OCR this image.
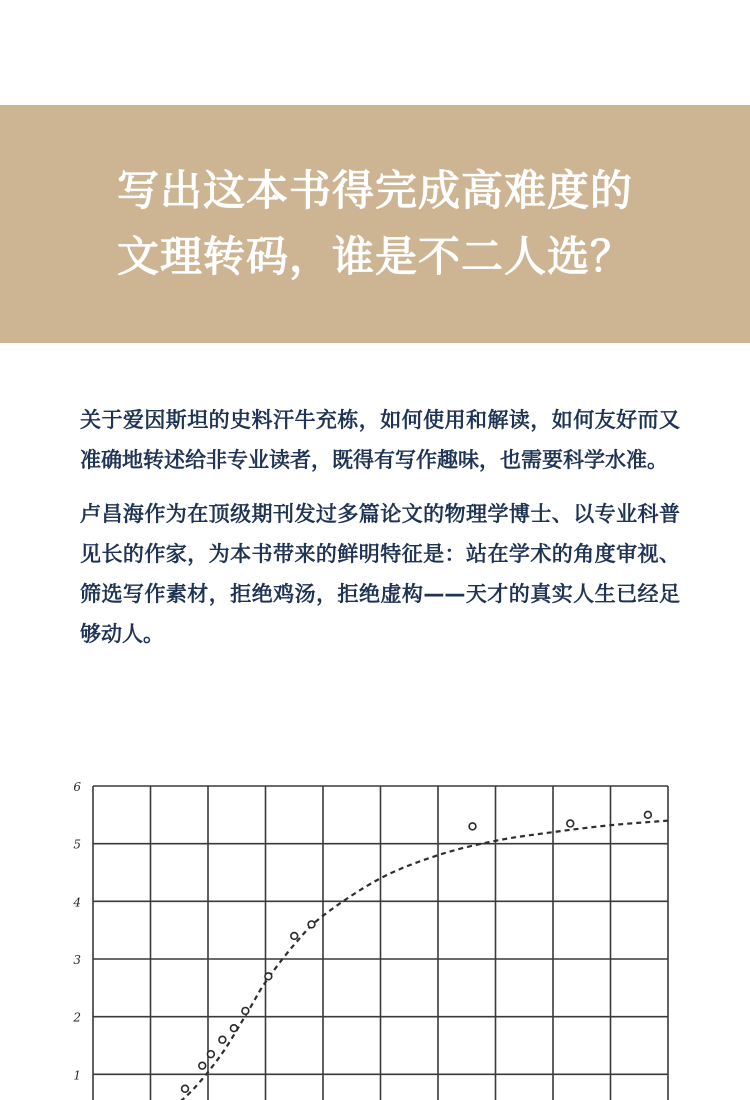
写出这本书得完成高难度的
文理转码，谁是不二人选？

关于爱因斯坦的史料汗牛充栋，如何使用和解读，如何友好而又准确地转述给非专业读者，既得有写作趣味，也需要科学水准。

卢昌海作为在顶级期刊发过多篇论文的物理学博士、以专业科普见长的作家，为本书带来的鲜明特征是：站在学术的角度审视、筛选写作素材，拒绝鸡汤，拒绝虚构——天才的真实人生已经足够动人。

1
2
3
4
5
6
